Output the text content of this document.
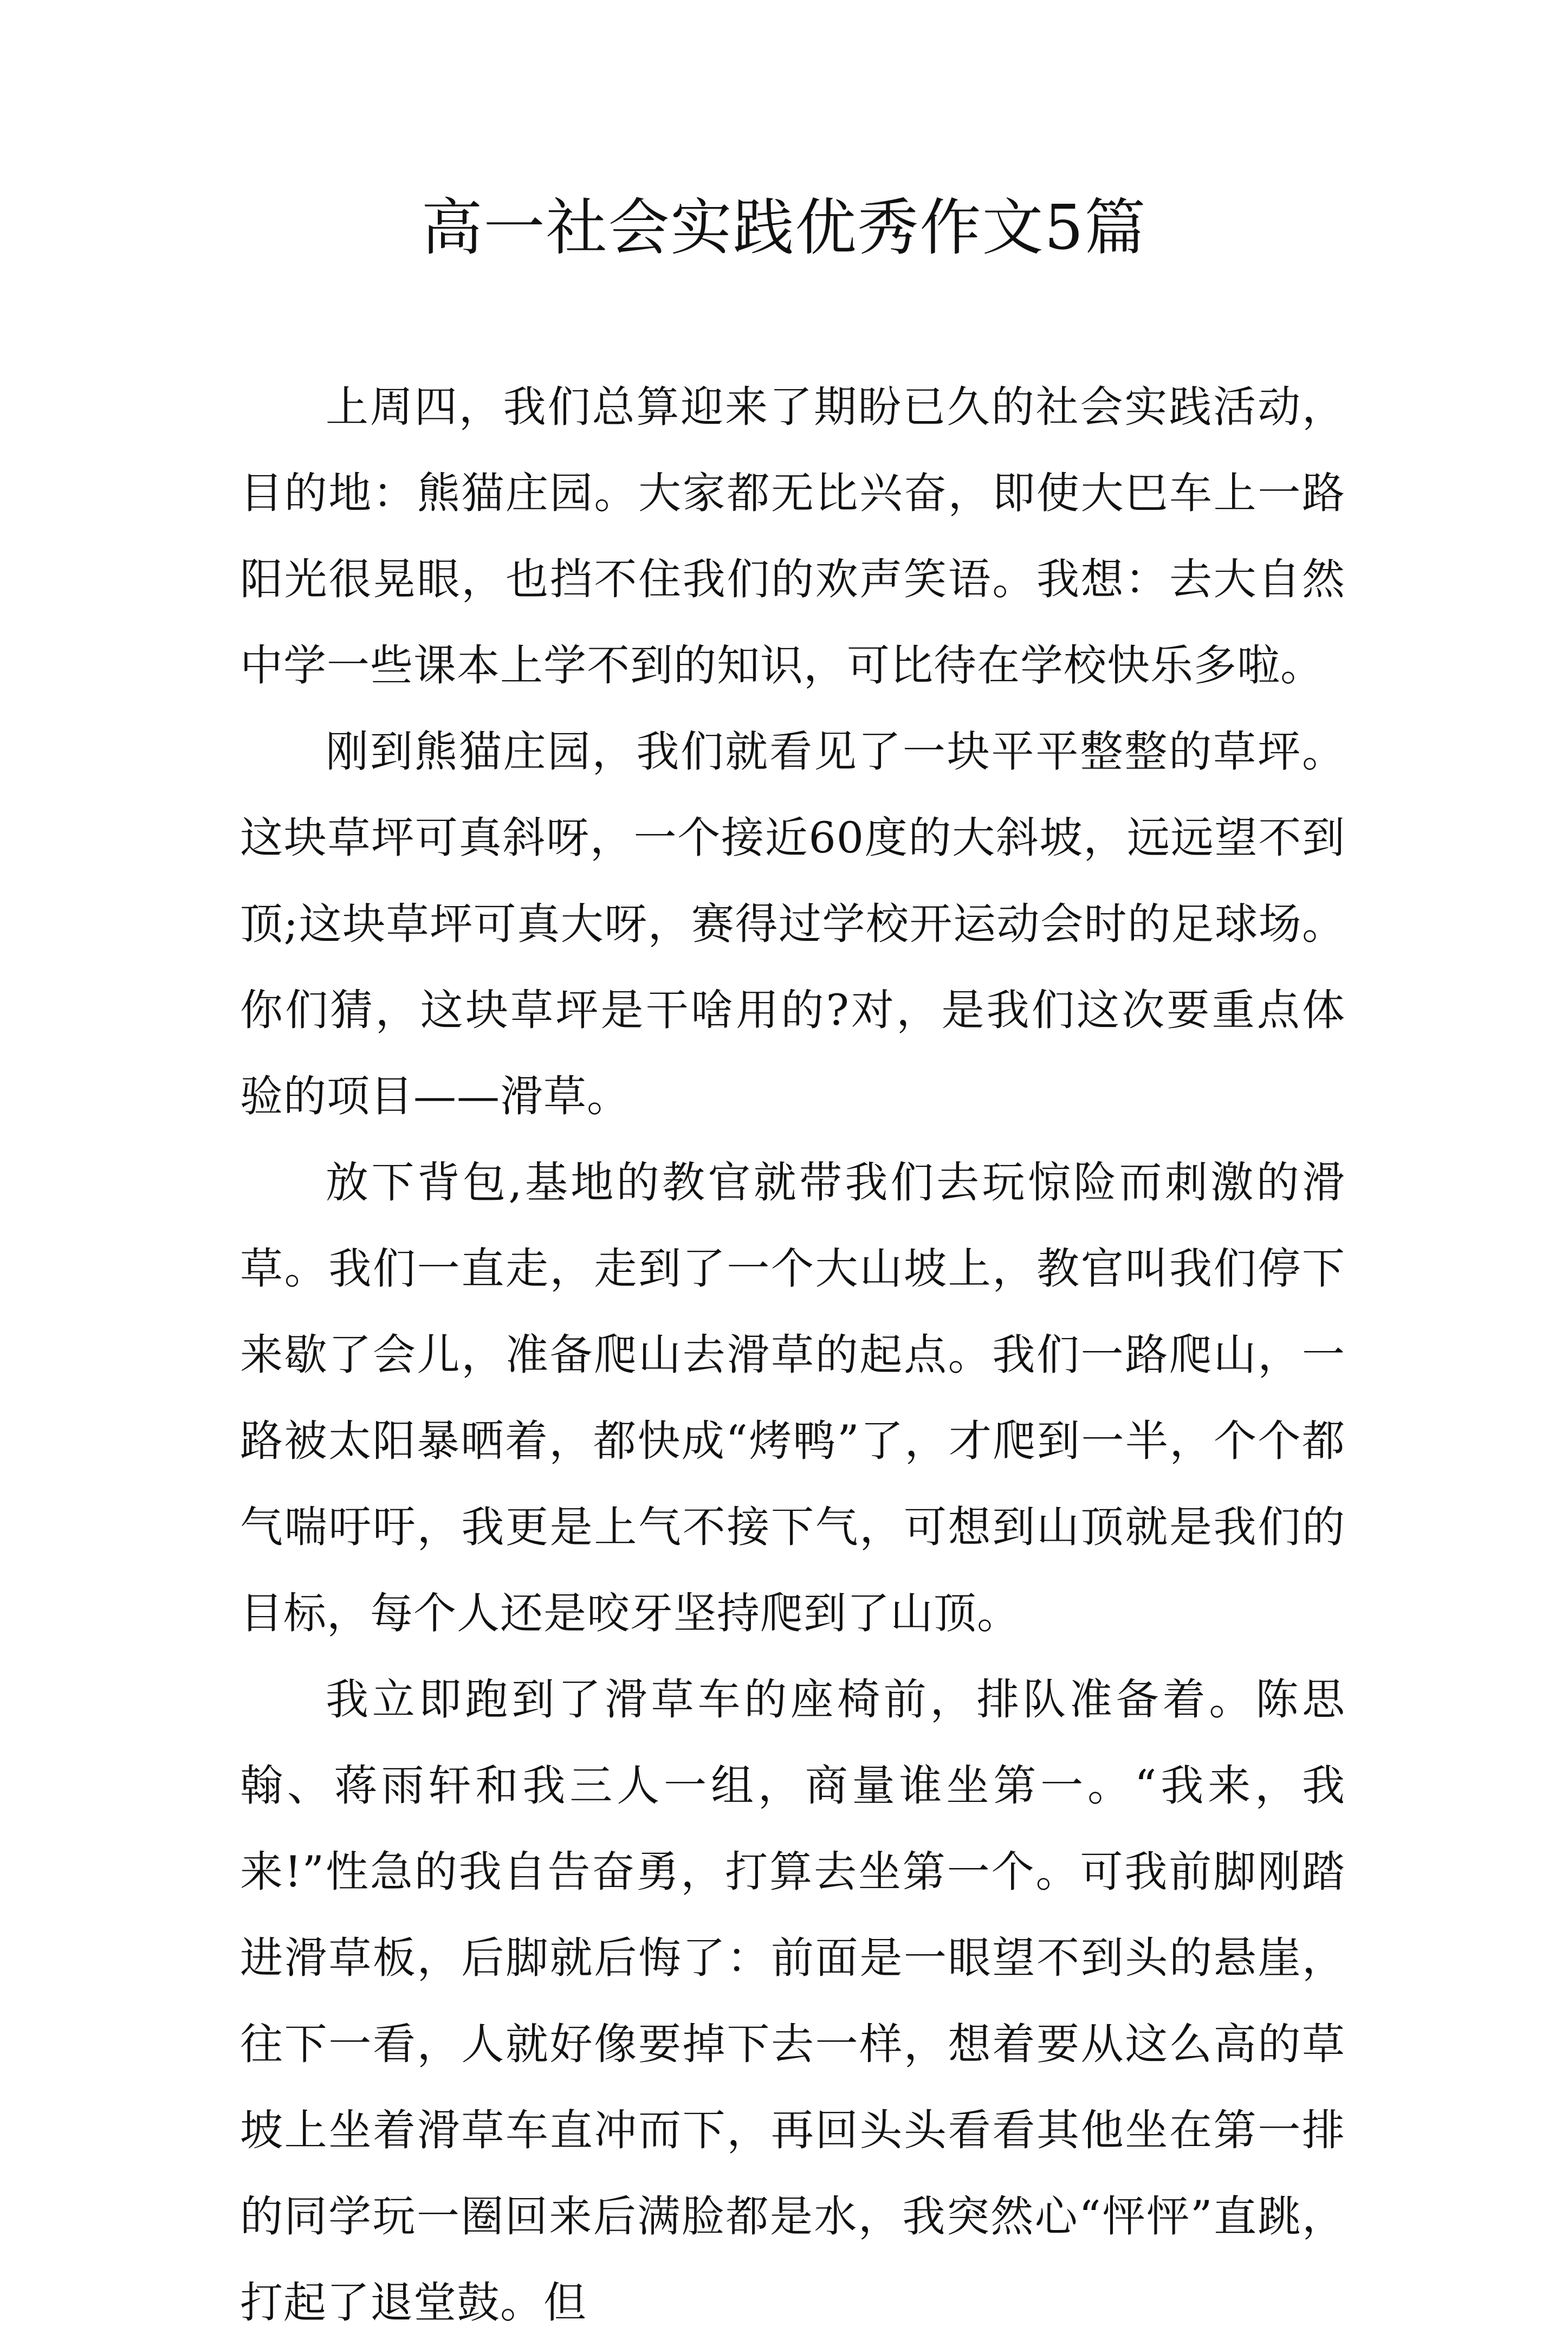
高一社会实践优秀作文5篇

上周四，我们总算迎来了期盼已久的社会实践活动，目的地：熊猫庄园。大家都无比兴奋，即使大巴车上一路阳光很晃眼，也挡不住我们的欢声笑语。我想：去大自然中学一些课本上学不到的知识，可比待在学校快乐多啦。

刚到熊猫庄园，我们就看见了一块平平整整的草坪。这块草坪可真斜呀，一个接近60度的大斜坡，远远望不到顶;这块草坪可真大呀，赛得过学校开运动会时的足球场。你们猜，这块草坪是干啥用的?对，是我们这次要重点体验的项目——滑草。

放下背包,基地的教官就带我们去玩惊险而刺激的滑草。我们一直走，走到了一个大山坡上，教官叫我们停下来歇了会儿，准备爬山去滑草的起点。我们一路爬山，一路被太阳暴晒着，都快成“烤鸭”了，才爬到一半，个个都气喘吁吁，我更是上气不接下气，可想到山顶就是我们的目标，每个人还是咬牙坚持爬到了山顶。

我立即跑到了滑草车的座椅前，排队准备着。陈思翰、蒋雨轩和我三人一组，商量谁坐第一。“我来，我来!”性急的我自告奋勇，打算去坐第一个。可我前脚刚踏进滑草板，后脚就后悔了：前面是一眼望不到头的悬崖，往下一看，人就好像要掉下去一样，想着要从这么高的草坡上坐着滑草车直冲而下，再回头头看看其他坐在第一排的同学玩一圈回来后满脸都是水，我突然心“怦怦”直跳，打起了退堂鼓。但
